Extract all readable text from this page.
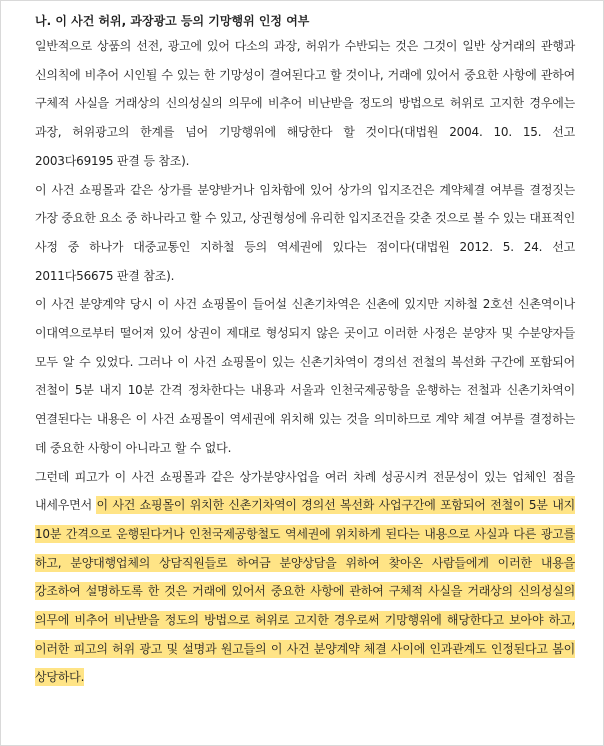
나. 이 사건 허위, 과장광고 등의 기망행위 인정 여부

일반적으로 상품의 선전, 광고에 있어 다소의 과장, 허위가 수반되는 것은 그것이 일반 상거래의 관행과 신의칙에 비추어 시인될 수 있는 한 기망성이 결여된다고 할 것이나, 거래에 있어서 중요한 사항에 관하여 구체적 사실을 거래상의 신의성실의 의무에 비추어 비난받을 정도의 방법으로 허위로 고지한 경우에는 과장, 허위광고의 한계를 넘어 기망행위에 해당한다 할 것이다(대법원 2004. 10. 15. 선고 2003다69195 판결 등 참조).

이 사건 쇼핑몰과 같은 상가를 분양받거나 임차함에 있어 상가의 입지조건은 계약체결 여부를 결정짓는 가장 중요한 요소 중 하나라고 할 수 있고, 상권형성에 유리한 입지조건을 갖춘 것으로 볼 수 있는 대표적인 사정 중 하나가 대중교통인 지하철 등의 역세권에 있다는 점이다(대법원 2012. 5. 24. 선고 2011다56675 판결 참조).

이 사건 분양계약 당시 이 사건 쇼핑몰이 들어설 신촌기차역은 신촌에 있지만 지하철 2호선 신촌역이나 이대역으로부터 떨어져 있어 상권이 제대로 형성되지 않은 곳이고 이러한 사정은 분양자 및 수분양자들 모두 알 수 있었다. 그러나 이 사건 쇼핑몰이 있는 신촌기차역이 경의선 전철의 복선화 구간에 포함되어 전철이 5분 내지 10분 간격 정차한다는 내용과 서울과 인천국제공항을 운행하는 전철과 신촌기차역이 연결된다는 내용은 이 사건 쇼핑몰이 역세권에 위치해 있는 것을 의미하므로 계약 체결 여부를 결정하는 데 중요한 사항이 아니라고 할 수 없다.

그런데 피고가 이 사건 쇼핑몰과 같은 상가분양사업을 여러 차례 성공시켜 전문성이 있는 업체인 점을 내세우면서 이 사건 쇼핑몰이 위치한 신촌기차역이 경의선 복선화 사업구간에 포함되어 전철이 5분 내지 10분 간격으로 운행된다거나 인천국제공항철도 역세권에 위치하게 된다는 내용으로 사실과 다른 광고를 하고, 분양대행업체의 상담직원들로 하여금 분양상담을 위하여 찾아온 사람들에게 이러한 내용을 강조하여 설명하도록 한 것은 거래에 있어서 중요한 사항에 관하여 구체적 사실을 거래상의 신의성실의 의무에 비추어 비난받을 정도의 방법으로 허위로 고지한 경우로써 기망행위에 해당한다고 보아야 하고, 이러한 피고의 허위 광고 및 설명과 원고들의 이 사건 분양계약 체결 사이에 인과관계도 인정된다고 봄이 상당하다.
